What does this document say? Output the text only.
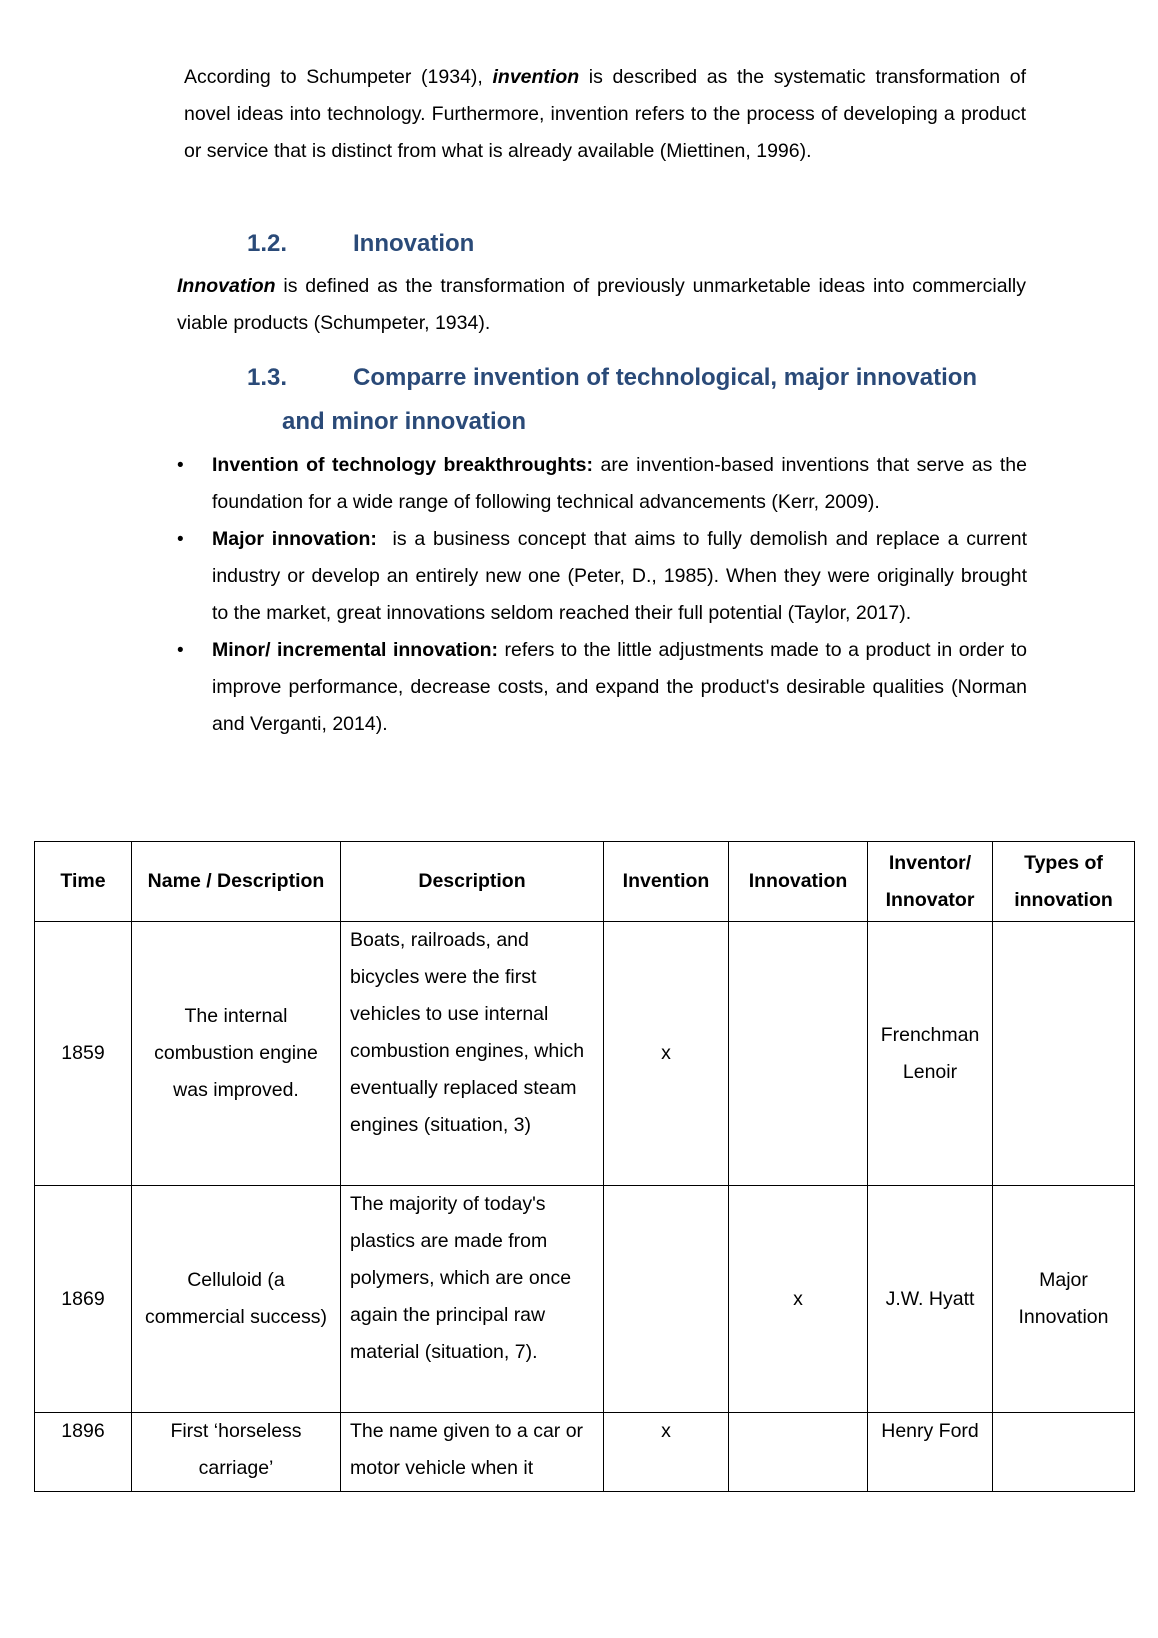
According to Schumpeter (1934), invention is described as the systematic transformation of novel ideas into technology. Furthermore, invention refers to the process of developing a product or service that is distinct from what is already available (Miettinen, 1996).

1.2.	Innovation

Innovation is defined as the transformation of previously unmarketable ideas into commercially viable products (Schumpeter, 1934).

1.3.	Comparre invention of technological, major innovation
and minor innovation
•	Invention of technology breakthroughts: are invention-based inventions that serve as the foundation for a wide range of following technical advancements (Kerr, 2009).
•	Major innovation:  is a business concept that aims to fully demolish and replace a current industry or develop an entirely new one (Peter, D., 1985). When they were originally brought to the market, great innovations seldom reached their full potential (Taylor, 2017).
•	Minor/ incremental innovation: refers to the little adjustments made to a product in order to improve performance, decrease costs, and expand the product's desirable qualities (Norman and Verganti, 2014).
Time	Name / Description	Description	Invention	Innovation	Inventor/ Innovator	Types of innovation
1859	The internal combustion engine was improved.	Boats, railroads, and bicycles were the first vehicles to use internal combustion engines, which eventually replaced steam engines (situation, 3)	x		Frenchman Lenoir	
1869	Celluloid (a commercial success)	The majority of today's plastics are made from polymers, which are once again the principal raw material (situation, 7).		x	J.W. Hyatt	Major Innovation
1896	First ‘horseless carriage’	The name given to a car or motor vehicle when it	x		Henry Ford	
